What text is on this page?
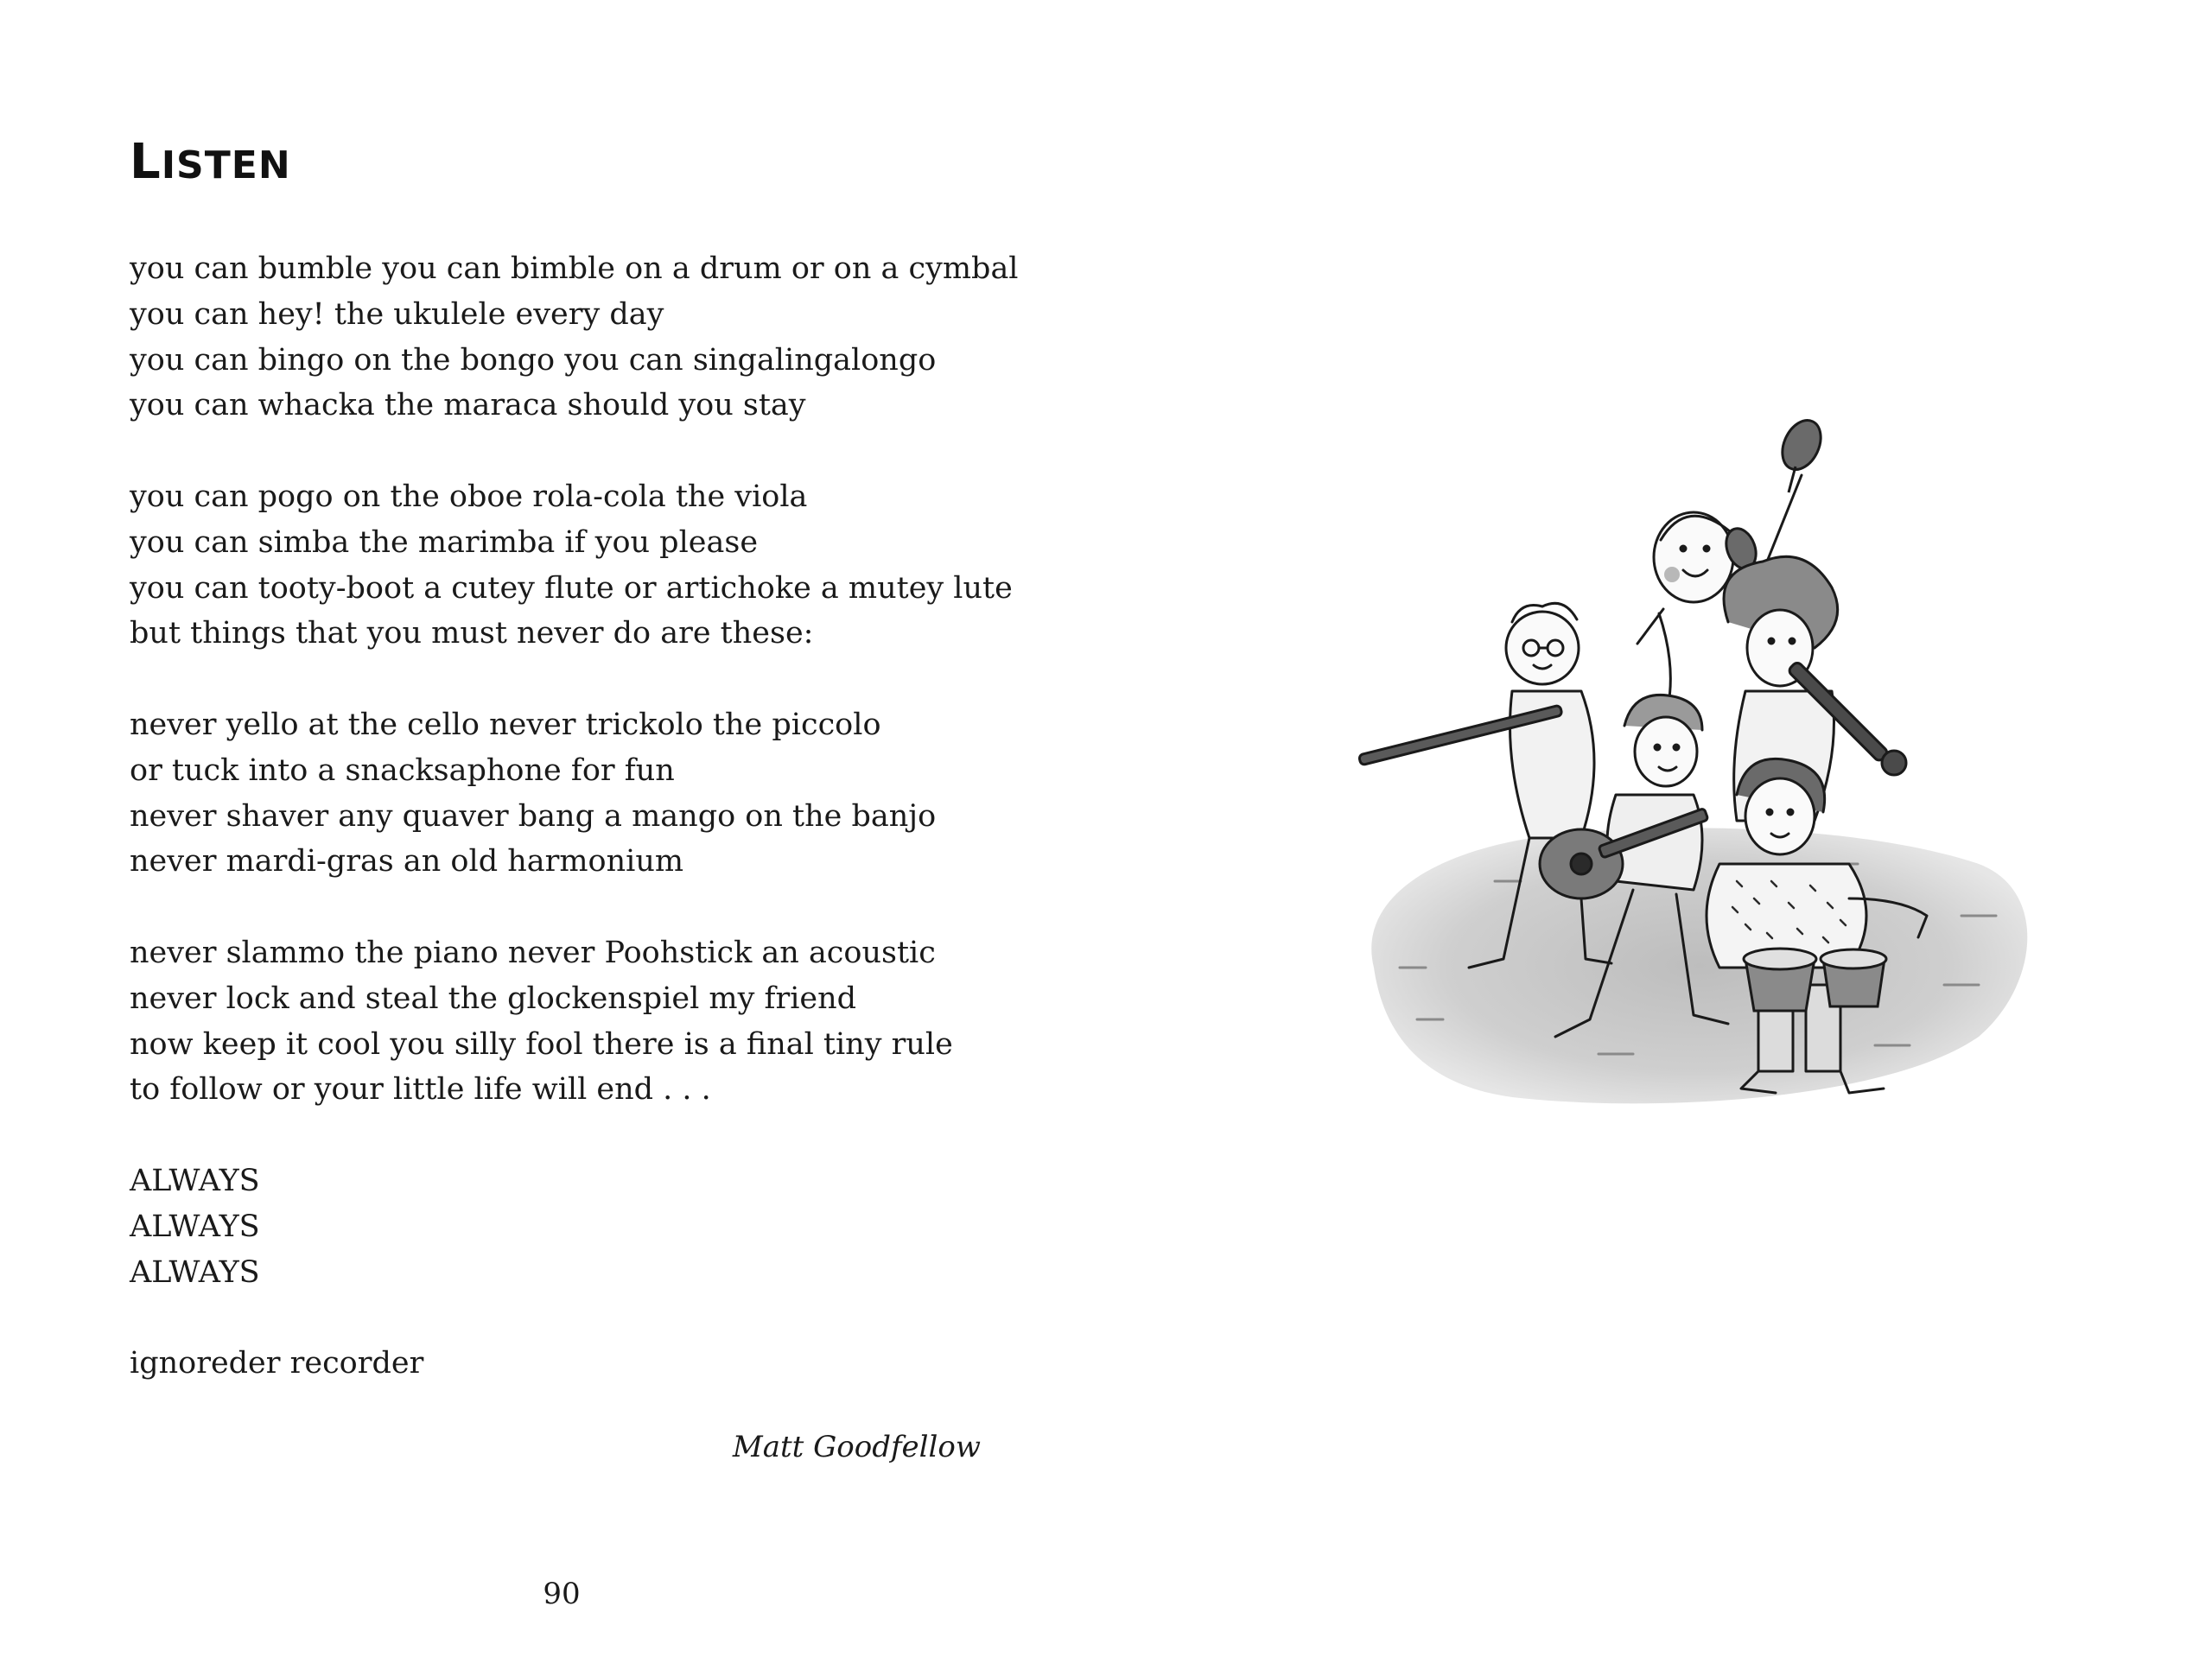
LISTEN
you can bumble you can bimble on a drum or on a cymbal
you can hey! the ukulele every day
you can bingo on the bongo you can singalingalongo
you can whacka the maraca should you stay
you can pogo on the oboe rola-cola the viola
you can simba the marimba if you please
you can tooty-boot a cutey flute or artichoke a mutey lute
but things that you must never do are these:
never yello at the cello never trickolo the piccolo
or tuck into a snacksaphone for fun
never shaver any quaver bang a mango on the banjo
never mardi-gras an old harmonium
never slammo the piano never Poohstick an acoustic
never lock and steal the glockenspiel my friend
now keep it cool you silly fool there is a final tiny rule
to follow or your little life will end . . .
ALWAYS
ALWAYS
ALWAYS
ignoreder recorder
Matt Goodfellow
90
